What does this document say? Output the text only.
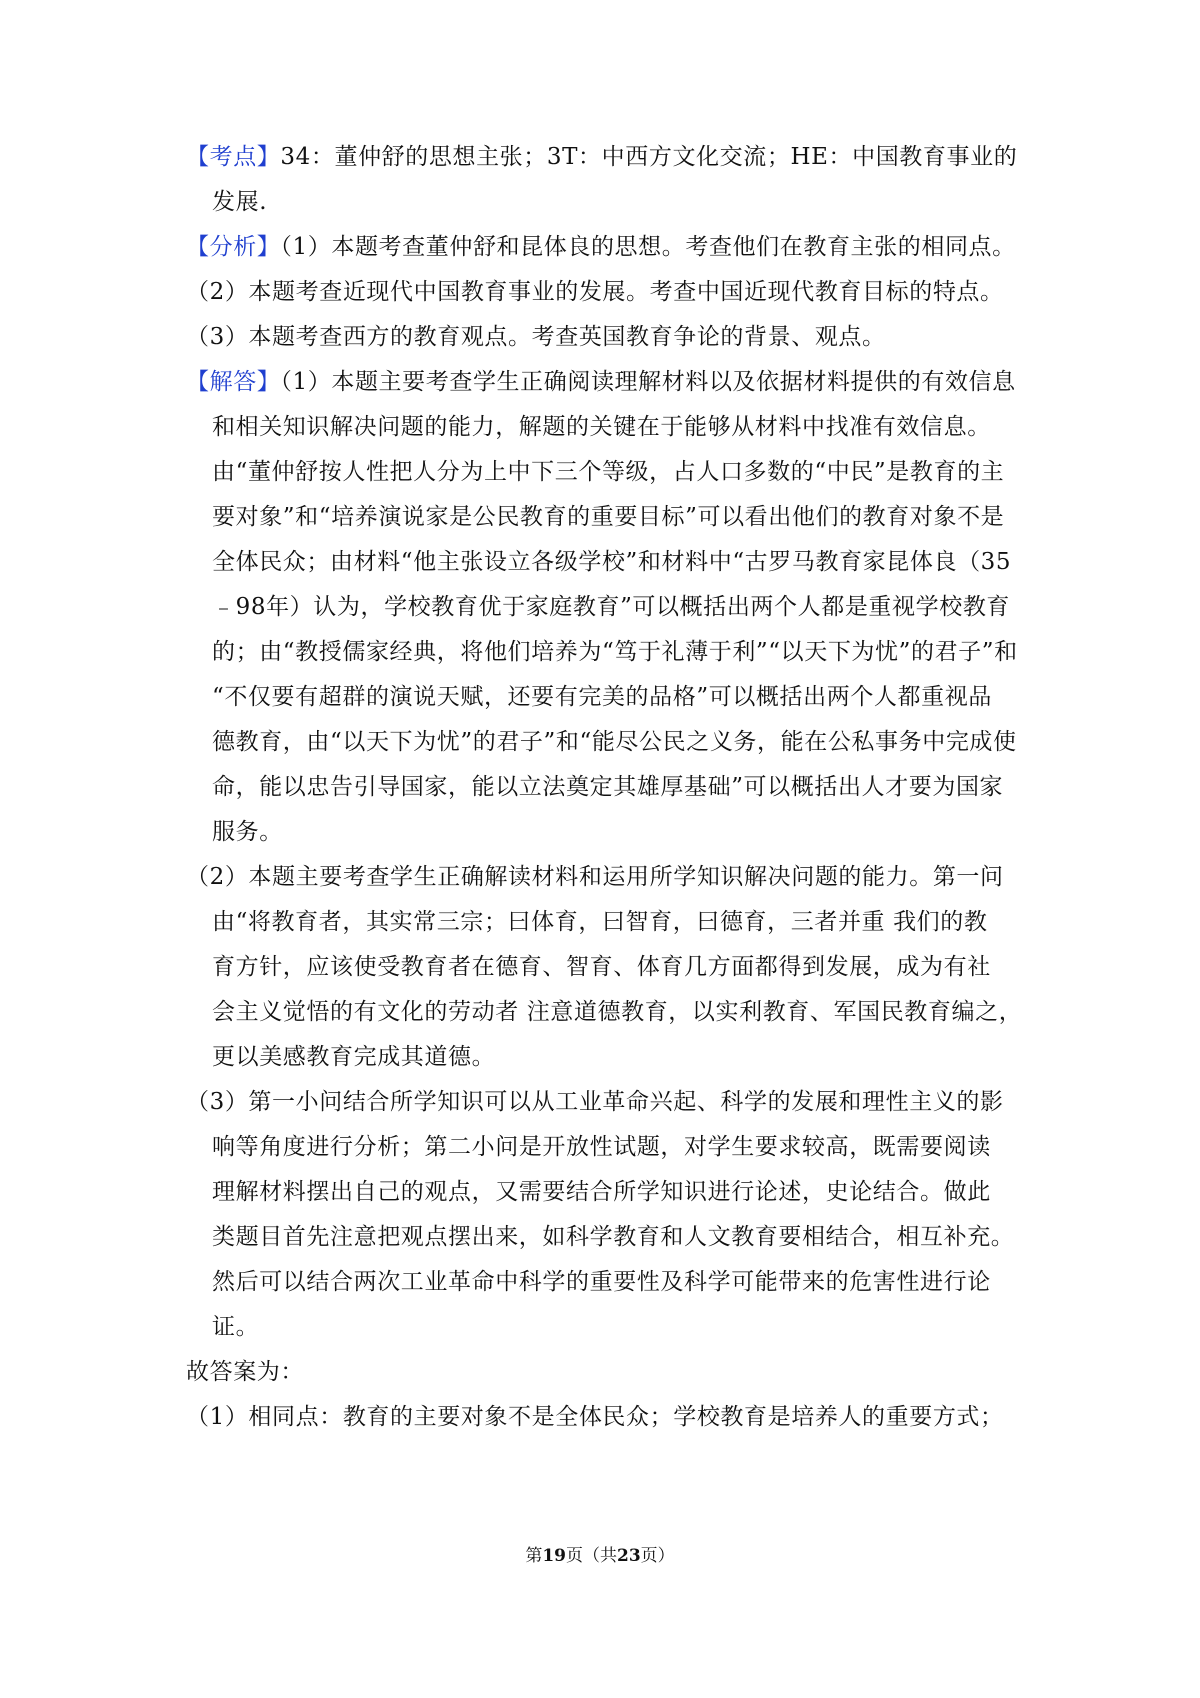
【考点】34：董仲舒的思想主张；3T：中西方文化交流；HE：中国教育事业的
发展.
【分析】（1）本题考查董仲舒和昆体良的思想。考查他们在教育主张的相同点。
（2）本题考查近现代中国教育事业的发展。考查中国近现代教育目标的特点。
（3）本题考查西方的教育观点。考查英国教育争论的背景、观点。
【解答】（1）本题主要考查学生正确阅读理解材料以及依据材料提供的有效信息
和相关知识解决问题的能力，解题的关键在于能够从材料中找准有效信息。
由“董仲舒按人性把人分为上中下三个等级，占人口多数的“中民”是教育的主
要对象”和“培养演说家是公民教育的重要目标”可以看出他们的教育对象不是
全体民众；由材料“他主张设立各级学校”和材料中“古罗马教育家昆体良（35
﹣98年）认为，学校教育优于家庭教育”可以概括出两个人都是重视学校教育
的；由“教授儒家经典，将他们培养为“笃于礼薄于利”“以天下为忧”的君子”和
“不仅要有超群的演说天赋，还要有完美的品格”可以概括出两个人都重视品
德教育，由“以天下为忧”的君子”和“能尽公民之义务，能在公私事务中完成使
命，能以忠告引导国家，能以立法奠定其雄厚基础”可以概括出人才要为国家
服务。
（2）本题主要考查学生正确解读材料和运用所学知识解决问题的能力。第一问
由“将教育者，其实常三宗；曰体育，曰智育，曰德育，三者并重 我们的教
育方针，应该使受教育者在德育、智育、体育几方面都得到发展，成为有社
会主义觉悟的有文化的劳动者 注意道德教育，以实利教育、军国民教育编之，
更以美感教育完成其道德。
（3）第一小问结合所学知识可以从工业革命兴起、科学的发展和理性主义的影
响等角度进行分析；第二小问是开放性试题，对学生要求较高，既需要阅读
理解材料摆出自己的观点，又需要结合所学知识进行论述，史论结合。做此
类题目首先注意把观点摆出来，如科学教育和人文教育要相结合，相互补充。
然后可以结合两次工业革命中科学的重要性及科学可能带来的危害性进行论
证。
故答案为：
（1）相同点：教育的主要对象不是全体民众；学校教育是培养人的重要方式；
第19页（共23页）
